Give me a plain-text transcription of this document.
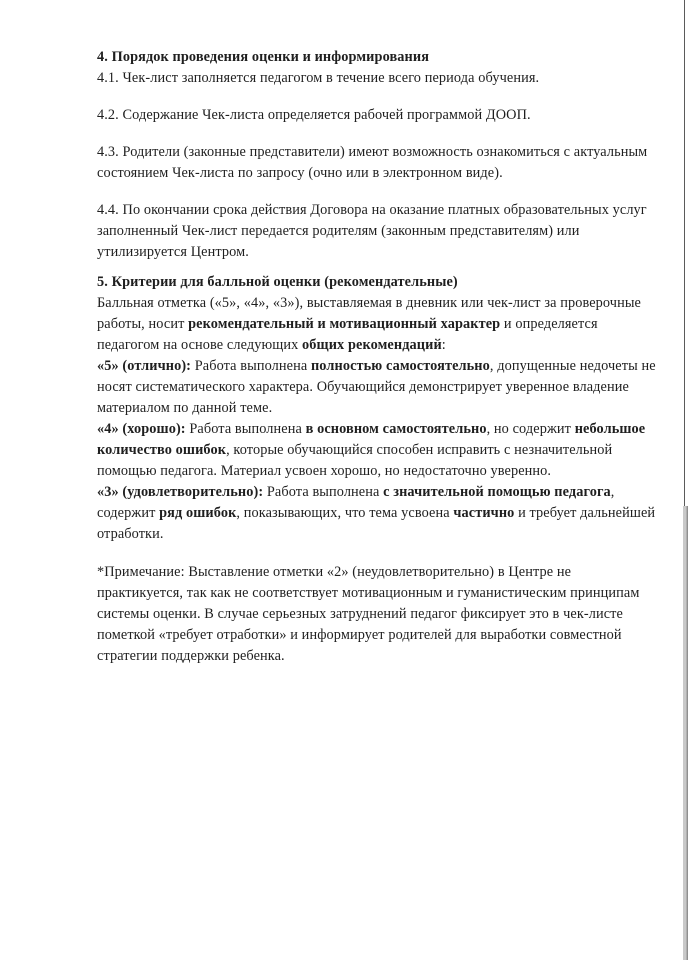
4. Порядок проведения оценки и информирования
4.1. Чек-лист заполняется педагогом в течение всего периода обучения.
4.2. Содержание Чек-листа определяется рабочей программой ДООП.
4.3. Родители (законные представители) имеют возможность ознакомиться с актуальным
состоянием Чек-листа по запросу (очно или в электронном виде).
4.4. По окончании срока действия Договора на оказание платных образовательных услуг
заполненный Чек-лист передается родителям (законным представителям) или
утилизируется Центром.
5. Критерии для балльной оценки (рекомендательные)
Балльная отметка («5», «4», «3»), выставляемая в дневник или чек-лист за проверочные
работы, носит рекомендательный и мотивационный характер и определяется
педагогом на основе следующих общих рекомендаций:
«5» (отлично): Работа выполнена полностью самостоятельно, допущенные недочеты не
носят систематического характера. Обучающийся демонстрирует уверенное владение
материалом по данной теме.
«4» (хорошо): Работа выполнена в основном самостоятельно, но содержит небольшое
количество ошибок, которые обучающийся способен исправить с незначительной
помощью педагога. Материал усвоен хорошо, но недостаточно уверенно.
«3» (удовлетворительно): Работа выполнена с значительной помощью педагога,
содержит ряд ошибок, показывающих, что тема усвоена частично и требует дальнейшей
отработки.
*Примечание: Выставление отметки «2» (неудовлетворительно) в Центре не
практикуется, так как не соответствует мотивационным и гуманистическим принципам
системы оценки. В случае серьезных затруднений педагог фиксирует это в чек-листе
пометкой «требует отработки» и информирует родителей для выработки совместной
стратегии поддержки ребенка.
